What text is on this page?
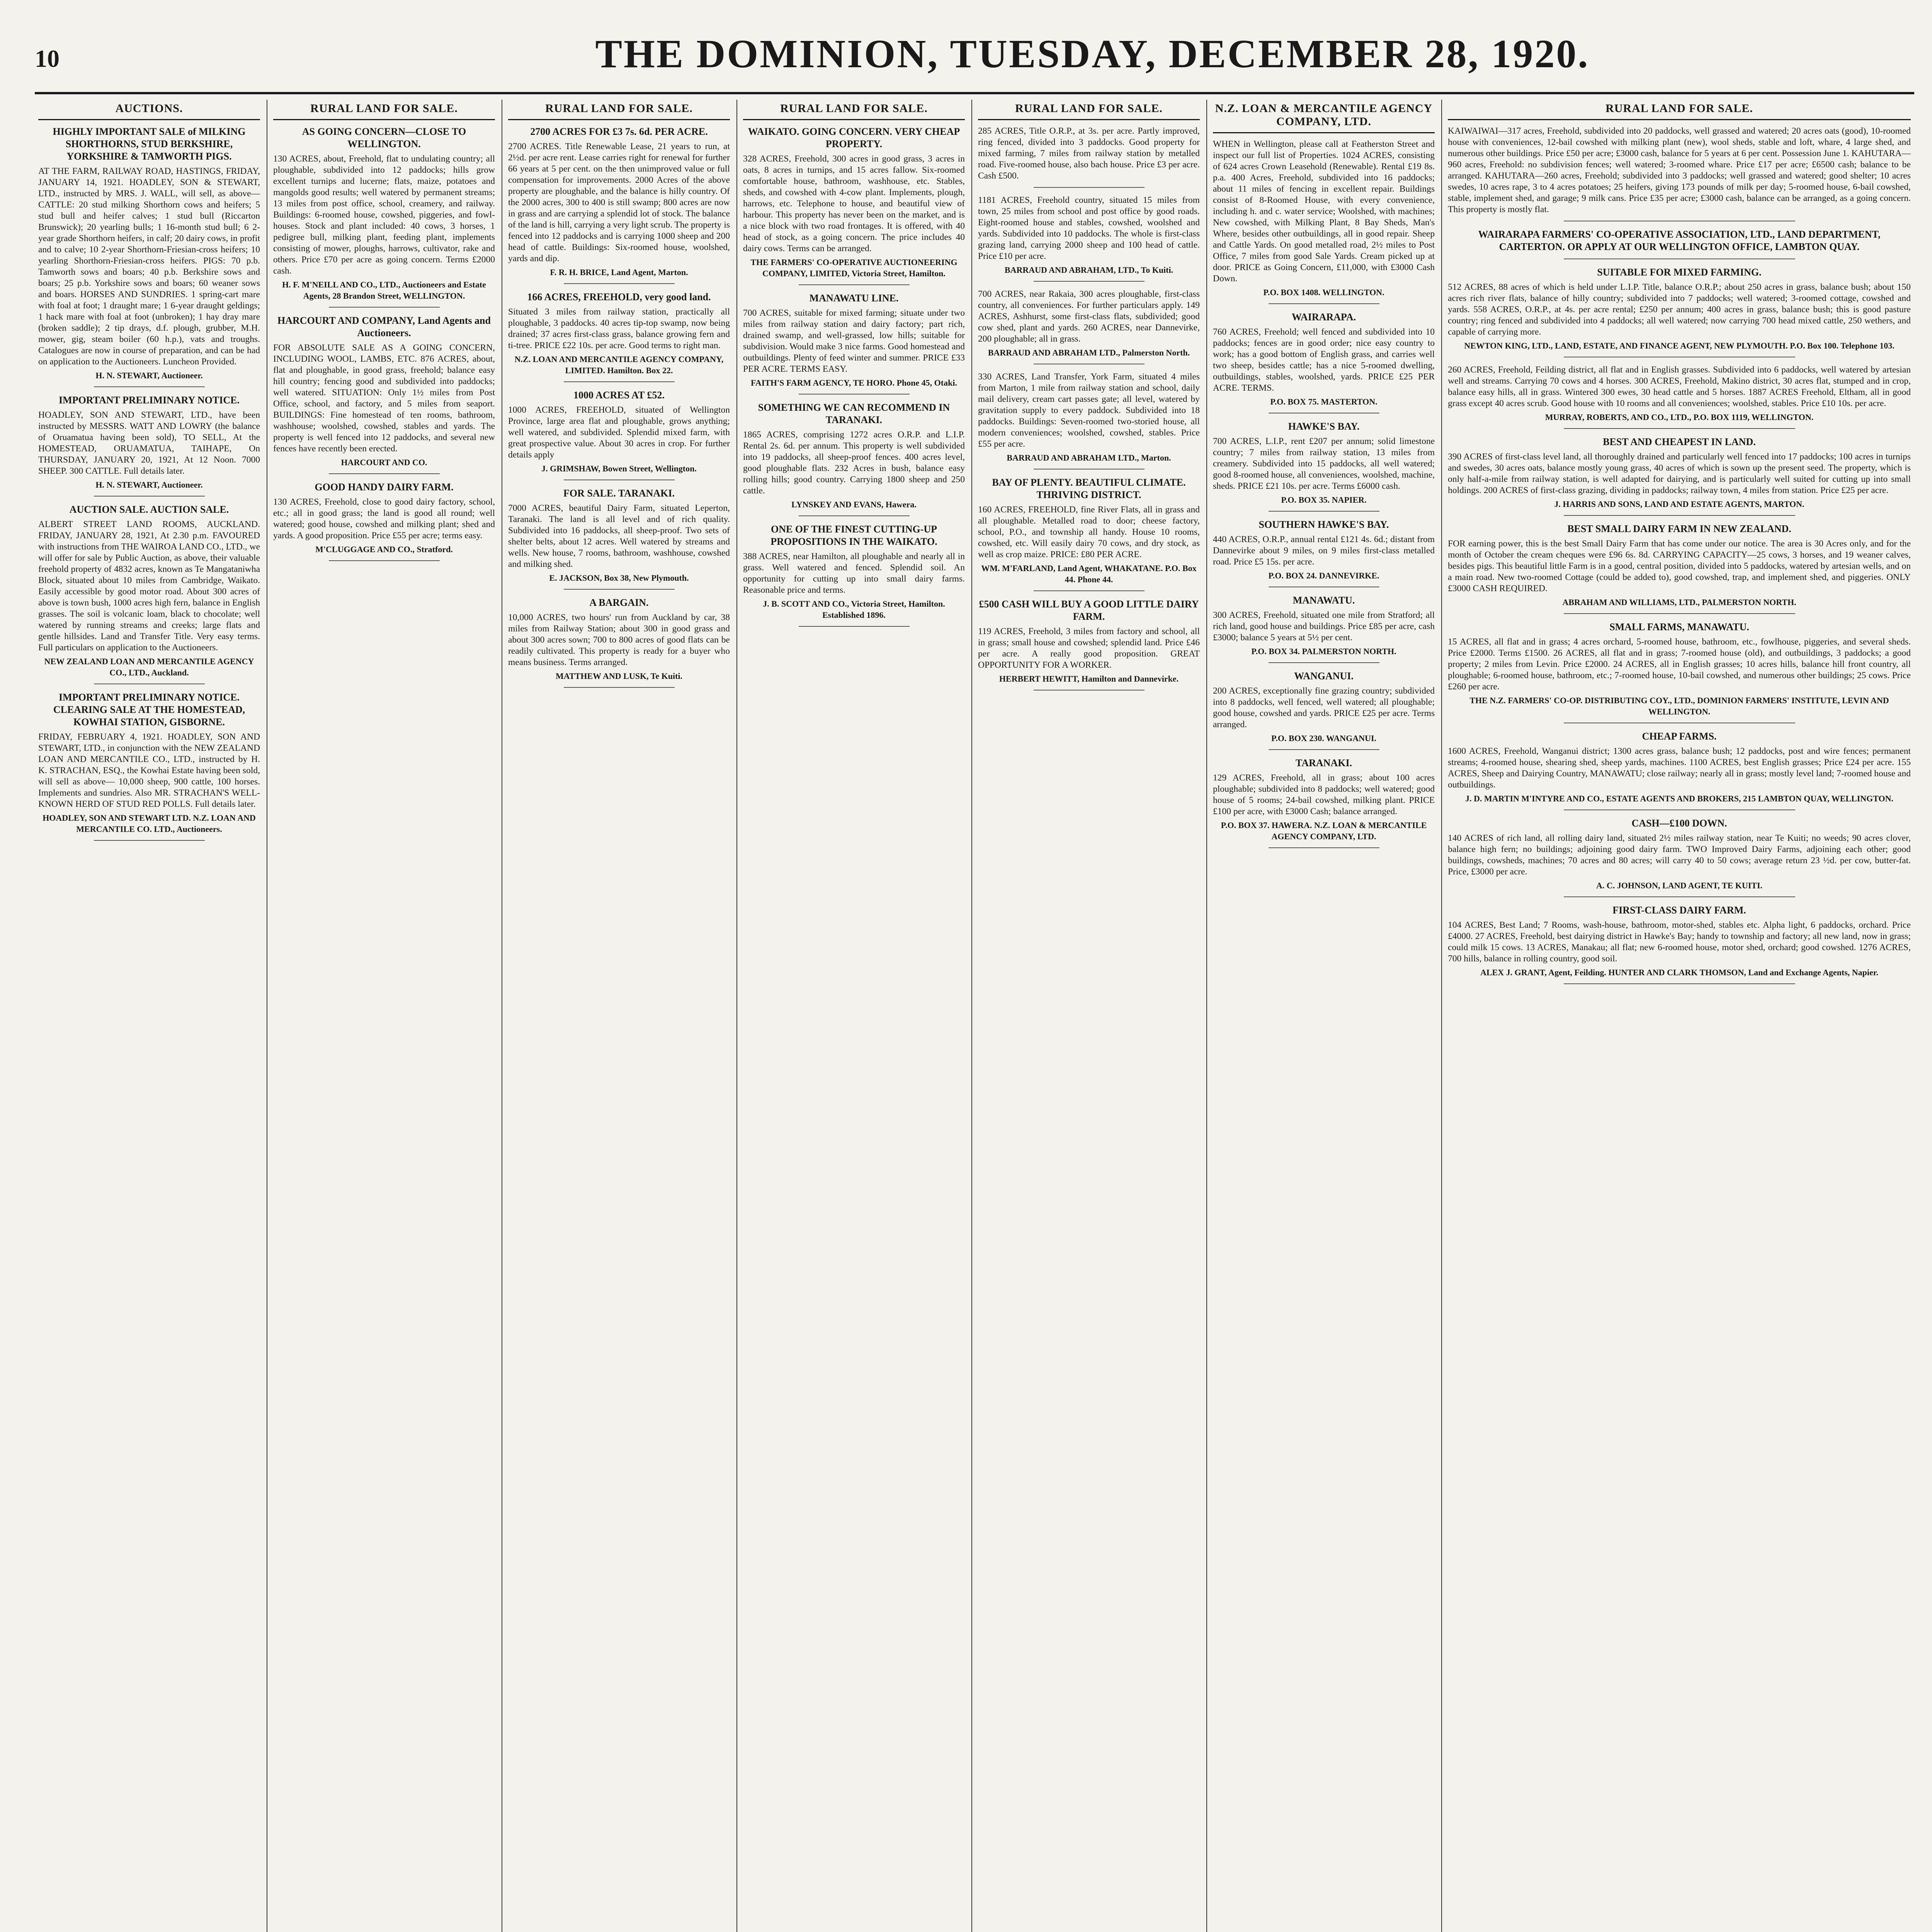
10	THE DOMINION, TUESDAY, DECEMBER 28, 1920.
AUCTIONS.
HIGHLY IMPORTANT SALE of MILKING SHORTHORNS, STUD BERKSHIRE, YORKSHIRE & TAMWORTH PIGS.
AT THE FARM, RAILWAY ROAD, HASTINGS, FRIDAY, JANUARY 14, 1921. HOADLEY, SON & STEWART, LTD., instructed by MRS. J. WALL, will sell, as above— CATTLE: 20 stud milking Shorthorn cows and heifers; 5 stud bull and heifer calves; 1 stud bull (Riccarton Brunswick); 20 yearling bulls; 1 16-month stud bull; 6 2-year grade Shorthorn heifers, in calf; 20 dairy cows, in profit and to calve; 10 2-year Shorthorn-Friesian-cross heifers; 10 yearling Shorthorn-Friesian-cross heifers. PIGS: 70 p.b. Tamworth sows and boars; 40 p.b. Berkshire sows and boars; 25 p.b. Yorkshire sows and boars; 60 weaner sows and boars. HORSES AND SUNDRIES. 1 spring-cart mare with foal at foot; 1 draught mare; 1 6-year draught geldings; 1 hack mare with foal at foot (unbroken); 1 hay dray mare (broken saddle); 2 tip drays, d.f. plough, grubber, M.H. mower, gig, steam boiler (60 h.p.), vats and troughs. Catalogues are now in course of preparation, and can be had on application to the Auctioneers. Luncheon Provided.
H. N. STEWART, Auctioneer.
IMPORTANT PRELIMINARY NOTICE.
HOADLEY, SON AND STEWART, LTD., have been instructed by MESSRS. WATT AND LOWRY (the balance of Oruamatua having been sold), TO SELL, At the HOMESTEAD, ORUAMATUA, TAIHAPE, On THURSDAY, JANUARY 20, 1921, At 12 Noon. 7000 SHEEP. 300 CATTLE. Full details later.
H. N. STEWART, Auctioneer.
AUCTION SALE. AUCTION SALE.
ALBERT STREET LAND ROOMS, AUCKLAND. FRIDAY, JANUARY 28, 1921, At 2.30 p.m. FAVOURED with instructions from THE WAIROA LAND CO., LTD., we will offer for sale by Public Auction, as above, their valuable freehold property of 4832 acres, known as Te Mangataniwha Block, situated about 10 miles from Cambridge, Waikato. Easily accessible by good motor road. About 300 acres of above is town bush, 1000 acres high fern, balance in English grasses. The soil is volcanic loam, black to chocolate; well watered by running streams and creeks; large flats and gentle hillsides. Land and Transfer Title. Very easy terms. Full particulars on application to the Auctioneers.
NEW ZEALAND LOAN AND MERCANTILE AGENCY CO., LTD., Auckland.
IMPORTANT PRELIMINARY NOTICE. CLEARING SALE AT THE HOMESTEAD, KOWHAI STATION, GISBORNE.
FRIDAY, FEBRUARY 4, 1921. HOADLEY, SON AND STEWART, LTD., in conjunction with the NEW ZEALAND LOAN AND MERCANTILE CO., LTD., instructed by H. K. STRACHAN, ESQ., the Kowhai Estate having been sold, will sell as above— 10,000 sheep, 900 cattle, 100 horses. Implements and sundries. Also MR. STRACHAN'S WELL-KNOWN HERD OF STUD RED POLLS. Full details later.
HOADLEY, SON AND STEWART LTD. N.Z. LOAN AND MERCANTILE CO. LTD., Auctioneers.
RURAL LAND FOR SALE.
AS GOING CONCERN—CLOSE TO WELLINGTON.
130 ACRES, about, Freehold, flat to undulating country; all ploughable, subdivided into 12 paddocks; hills grow excellent turnips and lucerne; flats, maize, potatoes and mangolds good results; well watered by permanent streams; 13 miles from post office, school, creamery, and railway. Buildings: 6-roomed house, cowshed, piggeries, and fowl-houses. Stock and plant included: 40 cows, 3 horses, 1 pedigree bull, milking plant, feeding plant, implements consisting of mower, ploughs, harrows, cultivator, rake and others. Price £70 per acre as going concern. Terms £2000 cash.
H. F. M'NEILL AND CO., LTD., Auctioneers and Estate Agents, 28 Brandon Street, WELLINGTON.
HARCOURT AND COMPANY, Land Agents and Auctioneers.
FOR ABSOLUTE SALE AS A GOING CONCERN, INCLUDING WOOL, LAMBS, ETC. 876 ACRES, about, flat and ploughable, in good grass, freehold; balance easy hill country; fencing good and subdivided into paddocks; well watered. SITUATION: Only 1½ miles from Post Office, school, and factory, and 5 miles from seaport. BUILDINGS: Fine homestead of ten rooms, bathroom, washhouse; woolshed, cowshed, stables and yards. The property is well fenced into 12 paddocks, and several new fences have recently been erected.
HARCOURT AND CO.
GOOD HANDY DAIRY FARM.
130 ACRES, Freehold, close to good dairy factory, school, etc.; all in good grass; the land is good all round; well watered; good house, cowshed and milking plant; shed and yards. A good proposition. Price £55 per acre; terms easy.
M'CLUGGAGE AND CO., Stratford.
RURAL LAND FOR SALE.
2700 ACRES FOR £3 7s. 6d. PER ACRE.
2700 ACRES. Title Renewable Lease, 21 years to run, at 2½d. per acre rent. Lease carries right for renewal for further 66 years at 5 per cent. on the then unimproved value or full compensation for improvements. 2000 Acres of the above property are ploughable, and the balance is hilly country. Of the 2000 acres, 300 to 400 is still swamp; 800 acres are now in grass and are carrying a splendid lot of stock. The balance of the land is hill, carrying a very light scrub. The property is fenced into 12 paddocks and is carrying 1000 sheep and 200 head of cattle. Buildings: Six-roomed house, woolshed, yards and dip.
F. R. H. BRICE, Land Agent, Marton.
166 ACRES, FREEHOLD, very good land.
Situated 3 miles from railway station, practically all ploughable, 3 paddocks. 40 acres tip-top swamp, now being drained; 37 acres first-class grass, balance growing fern and ti-tree. PRICE £22 10s. per acre. Good terms to right man.
N.Z. LOAN AND MERCANTILE AGENCY COMPANY, LIMITED. Hamilton. Box 22.
1000 ACRES AT £52.
1000 ACRES, FREEHOLD, situated of Wellington Province, large area flat and ploughable, grows anything; well watered, and subdivided. Splendid mixed farm, with great prospective value. About 30 acres in crop. For further details apply
J. GRIMSHAW, Bowen Street, Wellington.
FOR SALE. TARANAKI.
7000 ACRES, beautiful Dairy Farm, situated Leperton, Taranaki. The land is all level and of rich quality. Subdivided into 16 paddocks, all sheep-proof. Two sets of shelter belts, about 12 acres. Well watered by streams and wells. New house, 7 rooms, bathroom, washhouse, cowshed and milking shed.
E. JACKSON, Box 38, New Plymouth.
A BARGAIN.
10,000 ACRES, two hours' run from Auckland by car, 38 miles from Railway Station; about 300 in good grass and about 300 acres sown; 700 to 800 acres of good flats can be readily cultivated. This property is ready for a buyer who means business. Terms arranged.
MATTHEW AND LUSK, Te Kuiti.
RURAL LAND FOR SALE.
WAIKATO. GOING CONCERN. VERY CHEAP PROPERTY.
328 ACRES, Freehold, 300 acres in good grass, 3 acres in oats, 8 acres in turnips, and 15 acres fallow. Six-roomed comfortable house, bathroom, washhouse, etc. Stables, sheds, and cowshed with 4-cow plant. Implements, plough, harrows, etc. Telephone to house, and beautiful view of harbour. This property has never been on the market, and is a nice block with two road frontages. It is offered, with 40 head of stock, as a going concern. The price includes 40 dairy cows. Terms can be arranged.
THE FARMERS' CO-OPERATIVE AUCTIONEERING COMPANY, LIMITED, Victoria Street, Hamilton.
MANAWATU LINE.
700 ACRES, suitable for mixed farming; situate under two miles from railway station and dairy factory; part rich, drained swamp, and well-grassed, low hills; suitable for subdivision. Would make 3 nice farms. Good homestead and outbuildings. Plenty of feed winter and summer. PRICE £33 PER ACRE. TERMS EASY.
FAITH'S FARM AGENCY, TE HORO. Phone 45, Otaki.
SOMETHING WE CAN RECOMMEND IN TARANAKI.
1865 ACRES, comprising 1272 acres O.R.P. and L.I.P. Rental 2s. 6d. per annum. This property is well subdivided into 19 paddocks, all sheep-proof fences. 400 acres level, good ploughable flats. 232 Acres in bush, balance easy rolling hills; good country. Carrying 1800 sheep and 250 cattle.
LYNSKEY AND EVANS, Hawera.
ONE OF THE FINEST CUTTING-UP PROPOSITIONS IN THE WAIKATO.
388 ACRES, near Hamilton, all ploughable and nearly all in grass. Well watered and fenced. Splendid soil. An opportunity for cutting up into small dairy farms. Reasonable price and terms.
J. B. SCOTT AND CO., Victoria Street, Hamilton. Established 1896.
RURAL LAND FOR SALE.
285 ACRES, Title O.R.P., at 3s. per acre. Partly improved, ring fenced, divided into 3 paddocks. Good property for mixed farming, 7 miles from railway station by metalled road. Five-roomed house, also bach house. Price £3 per acre. Cash £500.
1181 ACRES, Freehold country, situated 15 miles from town, 25 miles from school and post office by good roads. Eight-roomed house and stables, cowshed, woolshed and yards. Subdivided into 10 paddocks. The whole is first-class grazing land, carrying 2000 sheep and 100 head of cattle. Price £10 per acre.
BARRAUD AND ABRAHAM, LTD., To Kuiti.
700 ACRES, near Rakaia, 300 acres ploughable, first-class country, all conveniences. For further particulars apply. 149 ACRES, Ashhurst, some first-class flats, subdivided; good cow shed, plant and yards. 260 ACRES, near Dannevirke, 200 ploughable; all in grass.
BARRAUD AND ABRAHAM LTD., Palmerston North.
330 ACRES, Land Transfer, York Farm, situated 4 miles from Marton, 1 mile from railway station and school, daily mail delivery, cream cart passes gate; all level, watered by gravitation supply to every paddock. Subdivided into 18 paddocks. Buildings: Seven-roomed two-storied house, all modern conveniences; woolshed, cowshed, stables. Price £55 per acre.
BARRAUD AND ABRAHAM LTD., Marton.
BAY OF PLENTY. BEAUTIFUL CLIMATE. THRIVING DISTRICT.
160 ACRES, FREEHOLD, fine River Flats, all in grass and all ploughable. Metalled road to door; cheese factory, school, P.O., and township all handy. House 10 rooms, cowshed, etc. Will easily dairy 70 cows, and dry stock, as well as crop maize. PRICE: £80 PER ACRE.
WM. M'FARLAND, Land Agent, WHAKATANE. P.O. Box 44. Phone 44.
£500 CASH WILL BUY A GOOD LITTLE DAIRY FARM.
119 ACRES, Freehold, 3 miles from factory and school, all in grass; small house and cowshed; splendid land. Price £46 per acre. A really good proposition. GREAT OPPORTUNITY FOR A WORKER.
HERBERT HEWITT, Hamilton and Dannevirke.
N.Z. LOAN & MERCANTILE AGENCY COMPANY, LTD.
WHEN in Wellington, please call at Featherston Street and inspect our full list of Properties. 1024 ACRES, consisting of 624 acres Crown Leasehold (Renewable). Rental £19 8s. p.a. 400 Acres, Freehold, subdivided into 16 paddocks; about 11 miles of fencing in excellent repair. Buildings consist of 8-Roomed House, with every convenience, including h. and c. water service; Woolshed, with machines; New cowshed, with Milking Plant, 8 Bay Sheds, Man's Where, besides other outbuildings, all in good repair. Sheep and Cattle Yards. On good metalled road, 2½ miles to Post Office, 7 miles from good Sale Yards. Cream picked up at door. PRICE as Going Concern, £11,000, with £3000 Cash Down.
P.O. BOX 1408. WELLINGTON.
WAIRARAPA.
760 ACRES, Freehold; well fenced and subdivided into 10 paddocks; fences are in good order; nice easy country to work; has a good bottom of English grass, and carries well two sheep, besides cattle; has a nice 5-roomed dwelling, outbuildings, stables, woolshed, yards. PRICE £25 PER ACRE. TERMS.
P.O. BOX 75. MASTERTON.
HAWKE'S BAY.
700 ACRES, L.I.P., rent £207 per annum; solid limestone country; 7 miles from railway station, 13 miles from creamery. Subdivided into 15 paddocks, all well watered; good 8-roomed house, all conveniences, woolshed, machine, sheds. PRICE £21 10s. per acre. Terms £6000 cash.
P.O. BOX 35. NAPIER.
SOUTHERN HAWKE'S BAY.
440 ACRES, O.R.P., annual rental £121 4s. 6d.; distant from Dannevirke about 9 miles, on 9 miles first-class metalled road. Price £5 15s. per acre.
P.O. BOX 24. DANNEVIRKE.
MANAWATU.
300 ACRES, Freehold, situated one mile from Stratford; all rich land, good house and buildings. Price £85 per acre, cash £3000; balance 5 years at 5½ per cent.
P.O. BOX 34. PALMERSTON NORTH.
WANGANUI.
200 ACRES, exceptionally fine grazing country; subdivided into 8 paddocks, well fenced, well watered; all ploughable; good house, cowshed and yards. PRICE £25 per acre. Terms arranged.
P.O. BOX 230. WANGANUI.
TARANAKI.
129 ACRES, Freehold, all in grass; about 100 acres ploughable; subdivided into 8 paddocks; well watered; good house of 5 rooms; 24-bail cowshed, milking plant. PRICE £100 per acre, with £3000 Cash; balance arranged.
P.O. BOX 37. HAWERA. N.Z. LOAN & MERCANTILE AGENCY COMPANY, LTD.
RURAL LAND FOR SALE.
KAIWAIWAI—317 acres, Freehold, subdivided into 20 paddocks, well grassed and watered; 20 acres oats (good), 10-roomed house with conveniences, 12-bail cowshed with milking plant (new), wool sheds, stable and loft, whare, 4 large shed, and numerous other buildings. Price £50 per acre; £3000 cash, balance for 5 years at 6 per cent. Possession June 1. KAHUTARA—960 acres, Freehold: no subdivision fences; well watered; 3-roomed whare. Price £17 per acre; £6500 cash; balance to be arranged. KAHUTARA—260 acres, Freehold; subdivided into 3 paddocks; well grassed and watered; good shelter; 10 acres swedes, 10 acres rape, 3 to 4 acres potatoes; 25 heifers, giving 173 pounds of milk per day; 5-roomed house, 6-bail cowshed, stable, implement shed, and garage; 9 milk cans. Price £35 per acre; £3000 cash, balance can be arranged, as a going concern. This property is mostly flat.
WAIRARAPA FARMERS' CO-OPERATIVE ASSOCIATION, LTD., LAND DEPARTMENT, CARTERTON. OR APPLY AT OUR WELLINGTON OFFICE, LAMBTON QUAY.
SUITABLE FOR MIXED FARMING.
512 ACRES, 88 acres of which is held under L.I.P. Title, balance O.R.P.; about 250 acres in grass, balance bush; about 150 acres rich river flats, balance of hilly country; subdivided into 7 paddocks; well watered; 3-roomed cottage, cowshed and yards. 558 ACRES, O.R.P., at 4s. per acre rental; £250 per annum; 400 acres in grass, balance bush; this is good pasture country; ring fenced and subdivided into 4 paddocks; all well watered; now carrying 700 head mixed cattle, 250 wethers, and capable of carrying more.
NEWTON KING, LTD., LAND, ESTATE, AND FINANCE AGENT, NEW PLYMOUTH. P.O. Box 100. Telephone 103.
260 ACRES, Freehold, Feilding district, all flat and in English grasses. Subdivided into 6 paddocks, well watered by artesian well and streams. Carrying 70 cows and 4 horses. 300 ACRES, Freehold, Makino district, 30 acres flat, stumped and in crop, balance easy hills, all in grass. Wintered 300 ewes, 30 head cattle and 5 horses. 1887 ACRES Freehold, Eltham, all in good grass except 40 acres scrub. Good house with 10 rooms and all conveniences; woolshed, stables. Price £10 10s. per acre.
MURRAY, ROBERTS, AND CO., LTD., P.O. BOX 1119, WELLINGTON.
BEST AND CHEAPEST IN LAND.
390 ACRES of first-class level land, all thoroughly drained and particularly well fenced into 17 paddocks; 100 acres in turnips and swedes, 30 acres oats, balance mostly young grass, 40 acres of which is sown up the present seed. The property, which is only half-a-mile from railway station, is well adapted for dairying, and is particularly well suited for cutting up into small holdings. 200 ACRES of first-class grazing, dividing in paddocks; railway town, 4 miles from station. Price £25 per acre.
J. HARRIS AND SONS, LAND AND ESTATE AGENTS, MARTON.
BEST SMALL DAIRY FARM IN NEW ZEALAND.
FOR earning power, this is the best Small Dairy Farm that has come under our notice. The area is 30 Acres only, and for the month of October the cream cheques were £96 6s. 8d. CARRYING CAPACITY—25 cows, 3 horses, and 19 weaner calves, besides pigs. This beautiful little Farm is in a good, central position, divided into 5 paddocks, watered by artesian wells, and on a main road. New two-roomed Cottage (could be added to), good cowshed, trap, and implement shed, and piggeries. ONLY £3000 CASH REQUIRED.
ABRAHAM AND WILLIAMS, LTD., PALMERSTON NORTH.
SMALL FARMS, MANAWATU.
15 ACRES, all flat and in grass; 4 acres orchard, 5-roomed house, bathroom, etc., fowlhouse, piggeries, and several sheds. Price £2000. Terms £1500. 26 ACRES, all flat and in grass; 7-roomed house (old), and outbuildings, 3 paddocks; a good property; 2 miles from Levin. Price £2000. 24 ACRES, all in English grasses; 10 acres hills, balance hill front country, all ploughable; 6-roomed house, bathroom, etc.; 7-roomed house, 10-bail cowshed, and numerous other buildings; 25 cows. Price £260 per acre.
THE N.Z. FARMERS' CO-OP. DISTRIBUTING COY., LTD., DOMINION FARMERS' INSTITUTE, LEVIN AND WELLINGTON.
CHEAP FARMS.
1600 ACRES, Freehold, Wanganui district; 1300 acres grass, balance bush; 12 paddocks, post and wire fences; permanent streams; 4-roomed house, shearing shed, sheep yards, machines. 1100 ACRES, best English grasses; Price £24 per acre. 155 ACRES, Sheep and Dairying Country, MANAWATU; close railway; nearly all in grass; mostly level land; 7-roomed house and outbuildings.
J. D. MARTIN M'INTYRE AND CO., ESTATE AGENTS AND BROKERS, 215 LAMBTON QUAY, WELLINGTON.
CASH—£100 DOWN.
140 ACRES of rich land, all rolling dairy land, situated 2½ miles railway station, near Te Kuiti; no weeds; 90 acres clover, balance high fern; no buildings; adjoining good dairy farm. TWO Improved Dairy Farms, adjoining each other; good buildings, cowsheds, machines; 70 acres and 80 acres; will carry 40 to 50 cows; average return 23 ½d. per cow, butter-fat. Price, £3000 per acre.
A. C. JOHNSON, LAND AGENT, TE KUITI.
FIRST-CLASS DAIRY FARM.
104 ACRES, Best Land; 7 Rooms, wash-house, bathroom, motor-shed, stables etc. Alpha light, 6 paddocks, orchard. Price £4000. 27 ACRES, Freehold, best dairying district in Hawke's Bay; handy to township and factory; all new land, now in grass; could milk 15 cows. 13 ACRES, Manakau; all flat; new 6-roomed house, motor shed, orchard; good cowshed. 1276 ACRES, 700 hills, balance in rolling country, good soil.
ALEX J. GRANT, Agent, Feilding. HUNTER AND CLARK THOMSON, Land and Exchange Agents, Napier.
